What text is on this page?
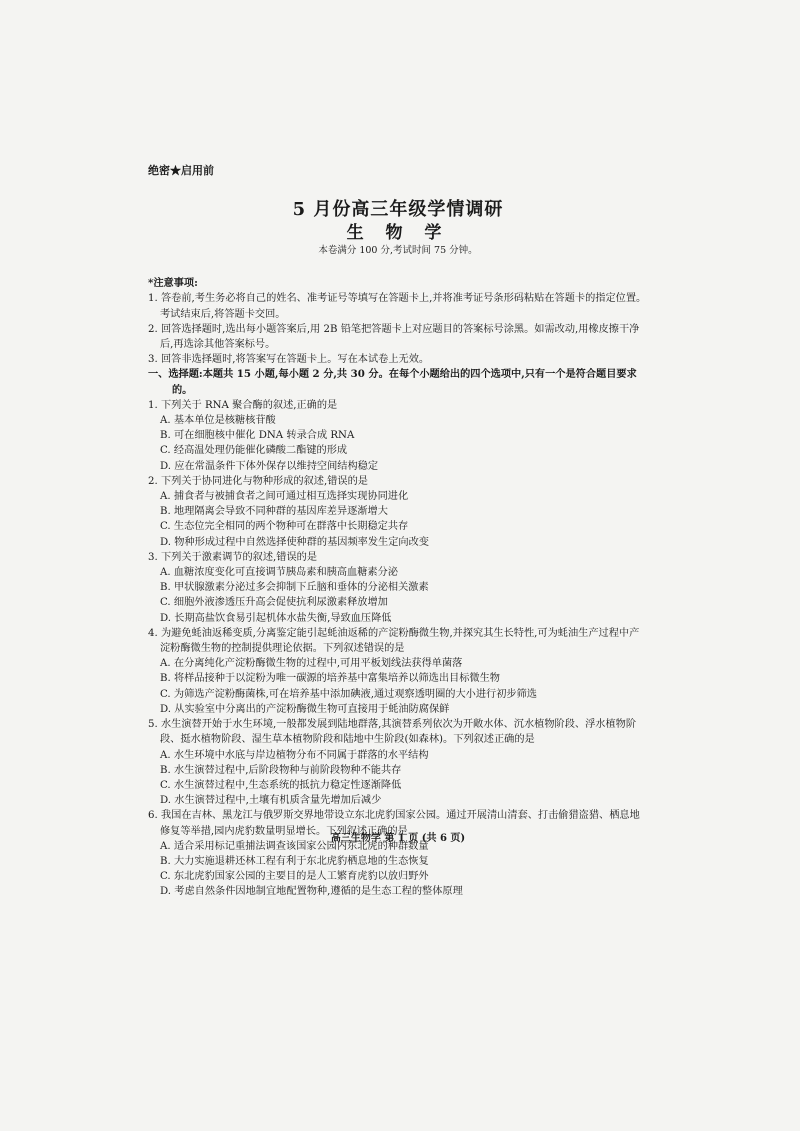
绝密★启用前
5 月份高三年级学情调研
生 物 学
本卷满分 100 分,考试时间 75 分钟。
*注意事项:
1. 答卷前,考生务必将自己的姓名、准考证号等填写在答题卡上,并将准考证号条形码粘贴在答题卡的指定位置。考试结束后,将答题卡交回。
2. 回答选择题时,选出每小题答案后,用 2B 铅笔把答题卡上对应题目的答案标号涂黑。如需改动,用橡皮擦干净后,再选涂其他答案标号。
3. 回答非选择题时,将答案写在答题卡上。写在本试卷上无效。
一、选择题:本题共 15 小题,每小题 2 分,共 30 分。在每个小题给出的四个选项中,只有一个是符合题目要求的。
1. 下列关于 RNA 聚合酶的叙述,正确的是
A. 基本单位是核糖核苷酸
B. 可在细胞核中催化 DNA 转录合成 RNA
C. 经高温处理仍能催化磷酸二酯键的形成
D. 应在常温条件下体外保存以维持空间结构稳定
2. 下列关于协同进化与物种形成的叙述,错误的是
A. 捕食者与被捕食者之间可通过相互选择实现协同进化
B. 地理隔离会导致不同种群的基因库差异逐渐增大
C. 生态位完全相同的两个物种可在群落中长期稳定共存
D. 物种形成过程中自然选择使种群的基因频率发生定向改变
3. 下列关于激素调节的叙述,错误的是
A. 血糖浓度变化可直接调节胰岛素和胰高血糖素分泌
B. 甲状腺激素分泌过多会抑制下丘脑和垂体的分泌相关激素
C. 细胞外液渗透压升高会促使抗利尿激素释放增加
D. 长期高盐饮食易引起机体水盐失衡,导致血压降低
4. 为避免蚝油返稀变质,分离鉴定能引起蚝油返稀的产淀粉酶微生物,并探究其生长特性,可为蚝油生产过程中产淀粉酶微生物的控制提供理论依据。下列叙述错误的是
A. 在分离纯化产淀粉酶微生物的过程中,可用平板划线法获得单菌落
B. 将样品接种于以淀粉为唯一碳源的培养基中富集培养以筛选出目标微生物
C. 为筛选产淀粉酶菌株,可在培养基中添加碘液,通过观察透明圈的大小进行初步筛选
D. 从实验室中分离出的产淀粉酶微生物可直接用于蚝油防腐保鲜
5. 水生演替开始于水生环境,一般都发展到陆地群落,其演替系列依次为开敞水体、沉水植物阶段、浮水植物阶段、挺水植物阶段、湿生草本植物阶段和陆地中生阶段(如森林)。下列叙述正确的是
A. 水生环境中水底与岸边植物分布不同属于群落的水平结构
B. 水生演替过程中,后阶段物种与前阶段物种不能共存
C. 水生演替过程中,生态系统的抵抗力稳定性逐渐降低
D. 水生演替过程中,土壤有机质含量先增加后减少
6. 我国在吉林、黑龙江与俄罗斯交界地带设立东北虎豹国家公园。通过开展清山清套、打击偷猎盗猎、栖息地修复等举措,园内虎豹数量明显增长。下列叙述正确的是
A. 适合采用标记重捕法调查该国家公园内东北虎的种群数量
B. 大力实施退耕还林工程有利于东北虎豹栖息地的生态恢复
C. 东北虎豹国家公园的主要目的是人工繁育虎豹以放归野外
D. 考虑自然条件因地制宜地配置物种,遵循的是生态工程的整体原理
高三生物学 第 1 页 (共 6 页)
